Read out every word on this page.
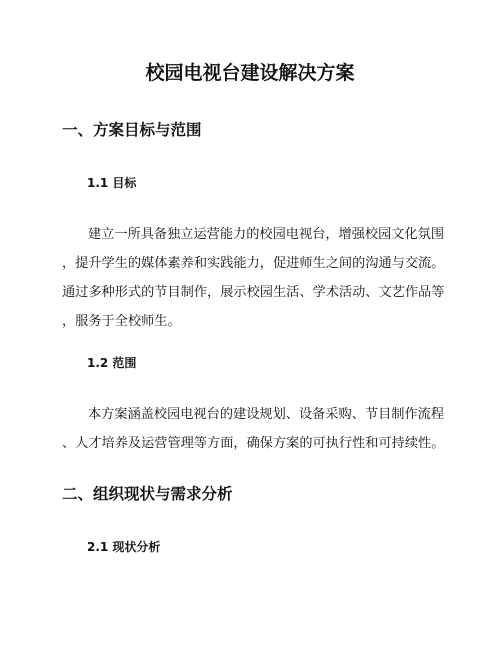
校园电视台建设解决方案
一、方案目标与范围
1.1 目标
建立一所具备独立运营能力的校园电视台，增强校园文化氛围
，提升学生的媒体素养和实践能力，促进师生之间的沟通与交流。
通过多种形式的节目制作，展示校园生活、学术活动、文艺作品等
，服务于全校师生。
1.2 范围
本方案涵盖校园电视台的建设规划、设备采购、节目制作流程
、人才培养及运营管理等方面，确保方案的可执行性和可持续性。
二、组织现状与需求分析
2.1 现状分析
